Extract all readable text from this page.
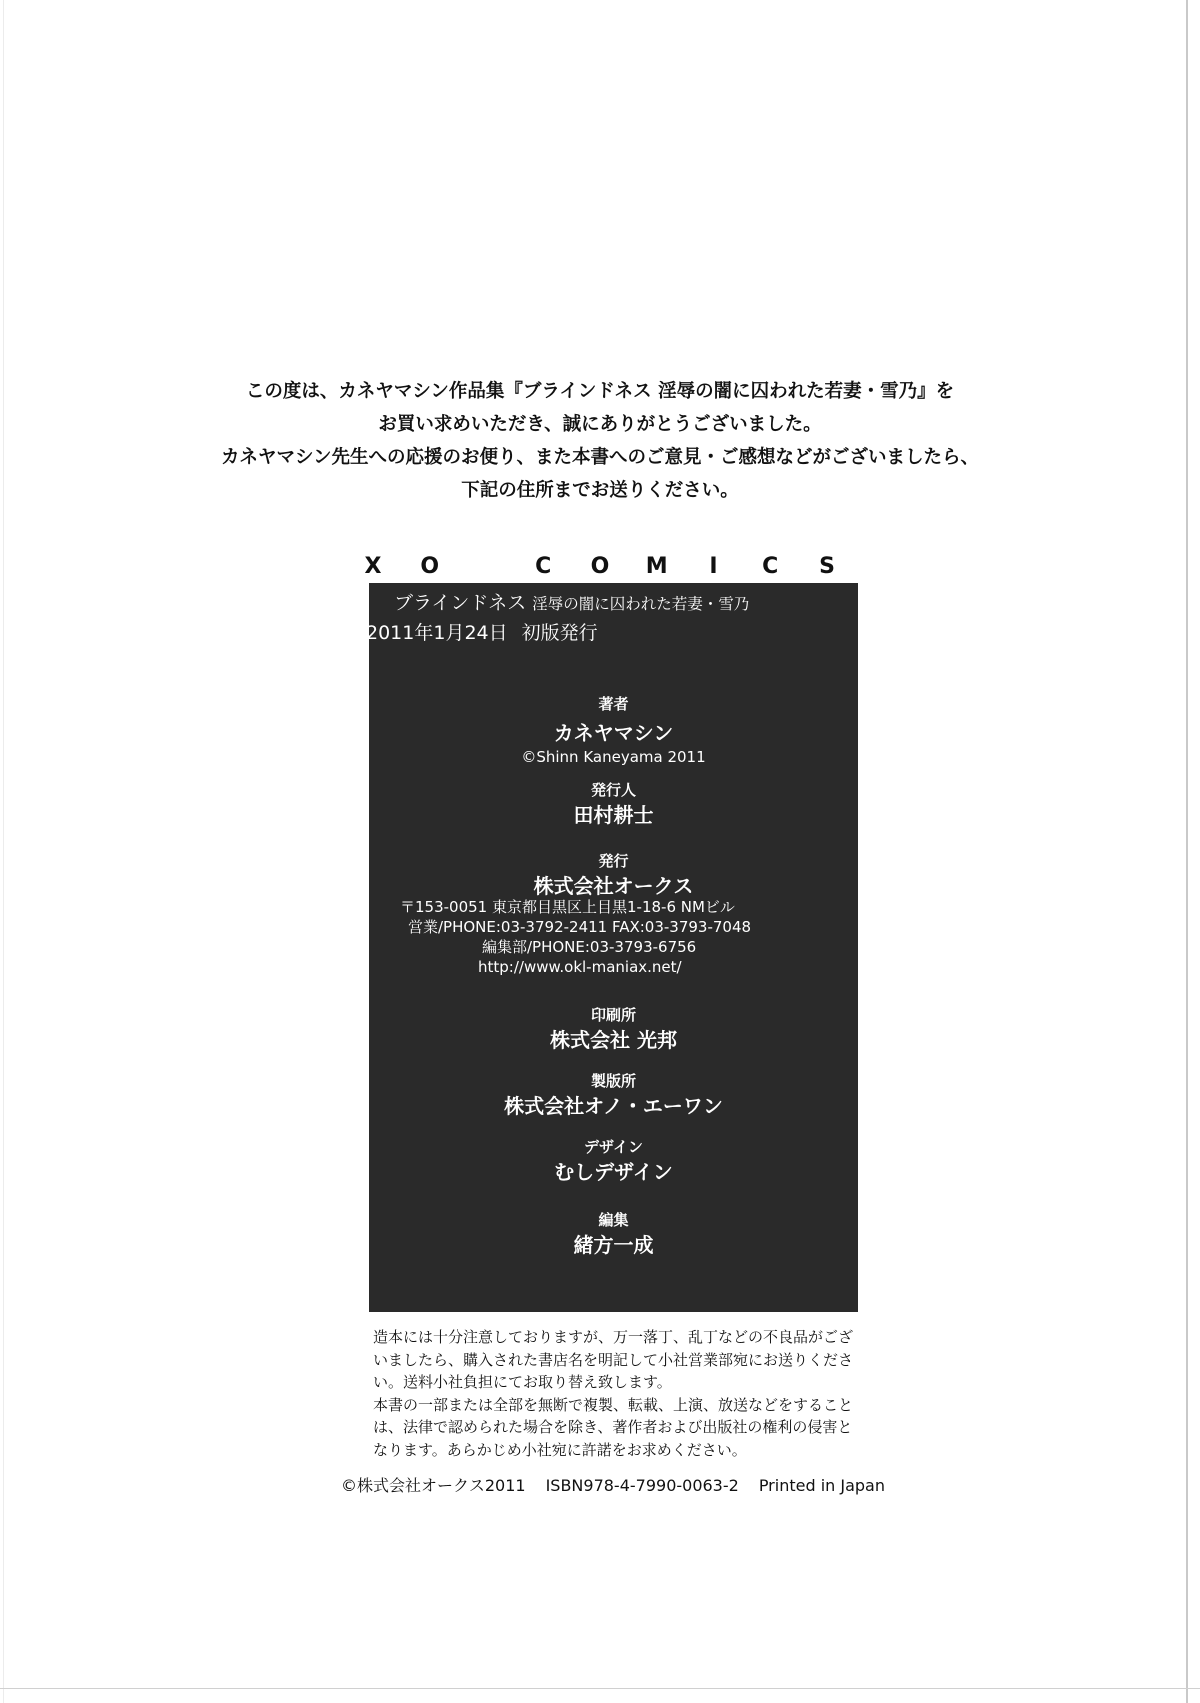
この度は、カネヤマシン作品集『ブラインドネス 淫辱の闇に囚われた若妻・雪乃』を
お買い求めいただき、誠にありがとうございました。
カネヤマシン先生への応援のお便り、また本書へのご意見・ご感想などがございましたら、
下記の住所までお送りください。
X O	C O M	I	C S
ブラインドネス 淫辱の闇に囚われた若妻・雪乃
2011年1月24日 初版発行
著者
カネヤマシン
©Shinn Kaneyama 2011
発行人
田村耕士
発行
株式会社オークス
〒153-0051 東京都目黒区上目黒1-18-6 NMビル
営業/PHONE:03-3792-2411 FAX:03-3793-7048
編集部/PHONE:03-3793-6756
http://www.okl-maniax.net/
印刷所
株式会社 光邦
製版所
株式会社オノ・エーワン
デザイン
むしデザイン
編集
緒方一成
造本には十分注意しておりますが、万一落丁、乱丁などの不良品がござ
いましたら、購入された書店名を明記して小社営業部宛にお送りくださ
い。送料小社負担にてお取り替え致します。
本書の一部または全部を無断で複製、転載、上演、放送などをすること
は、法律で認められた場合を除き、著作者および出版社の権利の侵害と
なります。あらかじめ小社宛に許諾をお求めください。
©株式会社オークス2011 ISBN978-4-7990-0063-2 Printed in Japan
